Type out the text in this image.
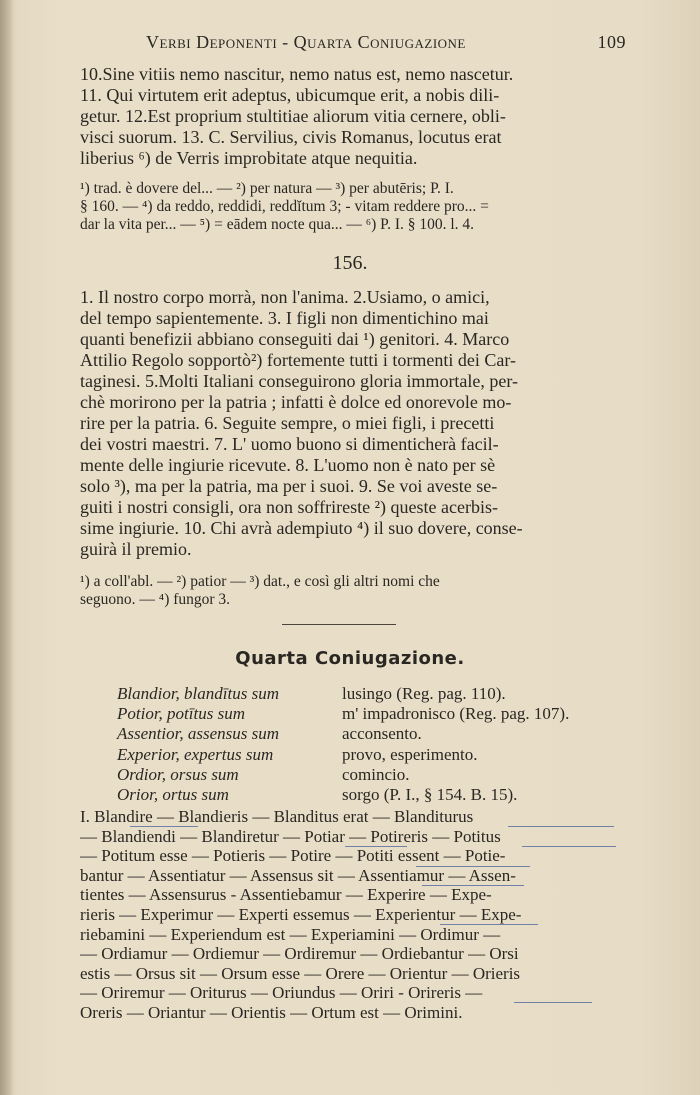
Verbi Deponenti - Quarta Coniugazione	109
10.Sine vitiis nemo nascitur, nemo natus est, nemo nascetur.
11. Qui virtutem erit adeptus, ubicumque erit, a nobis dili-
getur. 12.Est proprium stultitiae aliorum vitia cernere, obli-
visci suorum. 13. C. Servilius, civis Romanus, locutus erat
liberius ⁶) de Verris improbitate atque nequitia.
¹) trad. è dovere del... — ²) per natura — ³) per abutēris; P. I.
§ 160. — ⁴) da reddo, reddidi, reddĭtum 3; - vitam reddere pro... =
dar la vita per... — ⁵) = eādem nocte qua... — ⁶) P. I. § 100. l. 4.
156.
1. Il nostro corpo morrà, non l'anima. 2.Usiamo, o amici,
del tempo sapientemente. 3. I figli non dimentichino mai
quanti benefizii abbiano conseguiti dai ¹) genitori. 4. Marco
Attilio Regolo sopportò²) fortemente tutti i tormenti dei Car-
taginesi. 5.Molti Italiani conseguirono gloria immortale, per-
chè morirono per la patria ; infatti è dolce ed onorevole mo-
rire per la patria. 6. Seguite sempre, o miei figli, i precetti
dei vostri maestri. 7. L' uomo buono si dimenticherà facil-
mente delle ingiurie ricevute. 8. L'uomo non è nato per sè
solo ³), ma per la patria, ma per i suoi. 9. Se voi aveste se-
guiti i nostri consigli, ora non soffrireste ²) queste acerbis-
sime ingiurie. 10. Chi avrà adempiuto ⁴) il suo dovere, conse-
guirà il premio.
¹) a coll'abl. — ²) patior — ³) dat., e così gli altri nomi che
seguono. — ⁴) fungor 3.
Quarta Coniugazione.
Blandior, blandītus sum	lusingo (Reg. pag. 110).
Potior, potītus sum	m' impadronisco (Reg. pag. 107).
Assentior, assensus sum	acconsento.
Experior, expertus sum	provo, esperimento.
Ordior, orsus sum	comincio.
Orior, ortus sum	sorgo (P. I., § 154. B. 15).
I. Blandire — Blandieris — Blanditus erat — Blanditurus
— Blandiendi — Blandiretur — Potiar — Potireris — Potitus
— Potitum esse — Potieris — Potire — Potiti essent — Potie-
bantur — Assentiatur — Assensus sit — Assentiamur — Assen-
tientes — Assensurus - Assentiebamur — Experire — Expe-
rieris — Experimur — Experti essemus — Experientur — Expe-
riebamini — Experiendum est — Experiamini — Ordimur —
— Ordiamur — Ordiemur — Ordiremur — Ordiebantur — Orsi
estis — Orsus sit — Orsum esse — Orere — Orientur — Orieris
— Oriremur — Oriturus — Oriundus — Oriri - Orireris —
Oreris — Oriantur — Orientis — Ortum est — Orimini.
